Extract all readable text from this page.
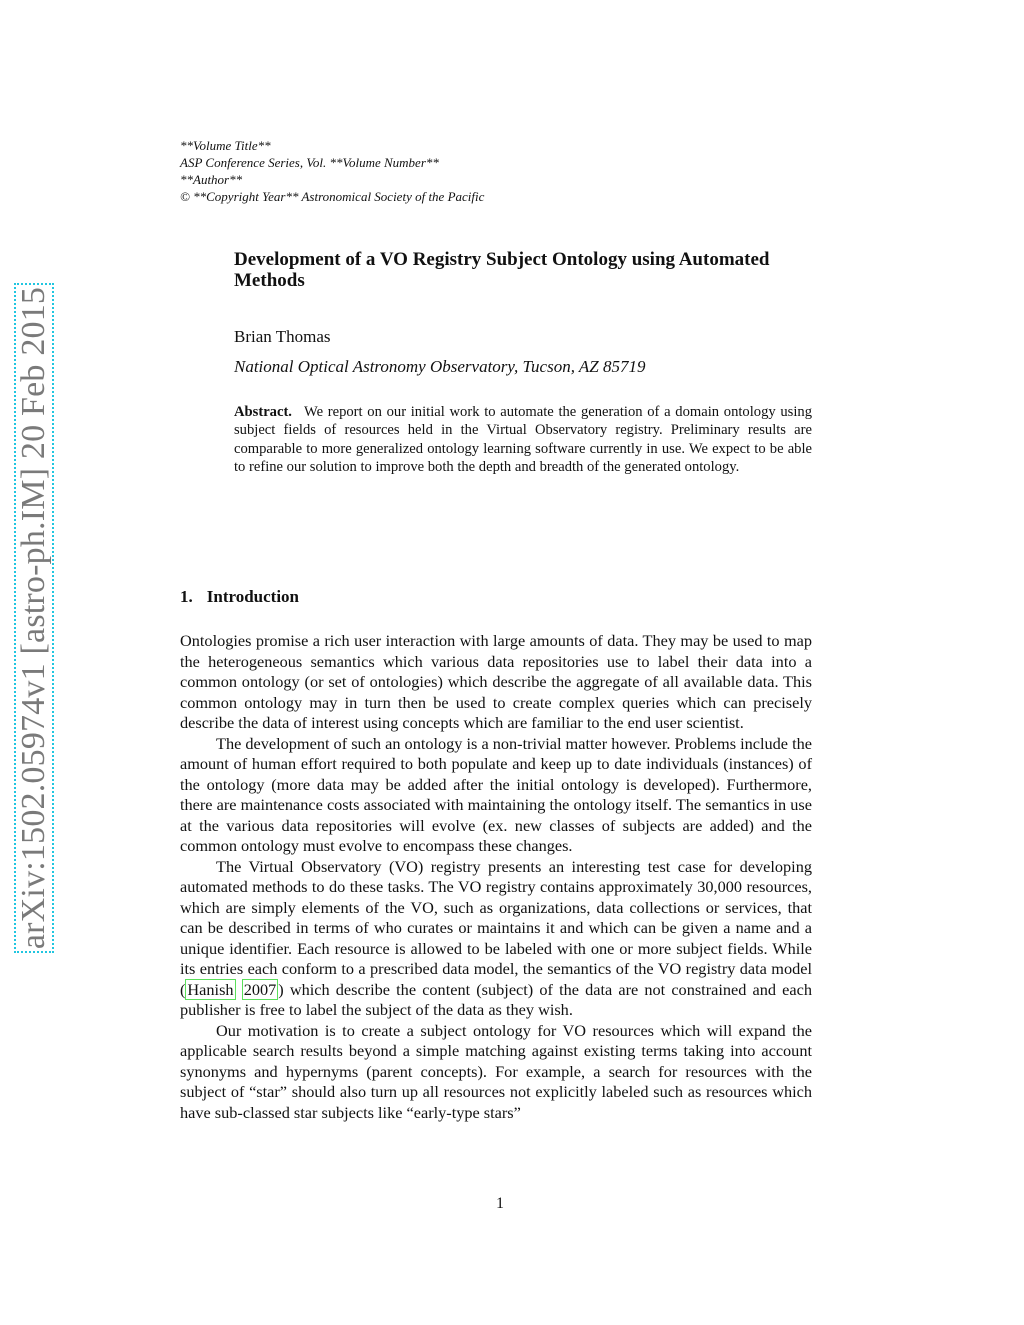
**Volume Title**
ASP Conference Series, Vol. **Volume Number**
**Author**
© **Copyright Year** Astronomical Society of the Pacific
arXiv:1502.05974v1 [astro-ph.IM] 20 Feb 2015
Development of a VO Registry Subject Ontology using Automated Methods
Brian Thomas
National Optical Astronomy Observatory, Tucson, AZ 85719
Abstract. We report on our initial work to automate the generation of a domain ontology using subject fields of resources held in the Virtual Observatory registry. Preliminary results are comparable to more generalized ontology learning software currently in use. We expect to be able to refine our solution to improve both the depth and breadth of the generated ontology.
1. Introduction

Ontologies promise a rich user interaction with large amounts of data. They may be used to map the heterogeneous semantics which various data repositories use to label their data into a common ontology (or set of ontologies) which describe the aggregate of all available data. This common ontology may in turn then be used to create complex queries which can precisely describe the data of interest using concepts which are familiar to the end user scientist.

The development of such an ontology is a non-trivial matter however. Problems include the amount of human effort required to both populate and keep up to date individuals (instances) of the ontology (more data may be added after the initial ontology is developed). Furthermore, there are maintenance costs associated with maintaining the ontology itself. The semantics in use at the various data repositories will evolve (ex. new classes of subjects are added) and the common ontology must evolve to encompass these changes.

The Virtual Observatory (VO) registry presents an interesting test case for developing automated methods to do these tasks. The VO registry contains approximately 30,000 resources, which are simply elements of the VO, such as organizations, data collections or services, that can be described in terms of who curates or maintains it and which can be given a name and a unique identifier. Each resource is allowed to be labeled with one or more subject fields. While its entries each conform to a prescribed data model, the semantics of the VO registry data model ( Hanish 2007 ) which describe the content (subject) of the data are not constrained and each publisher is free to label the subject of the data as they wish.

Our motivation is to create a subject ontology for VO resources which will expand the applicable search results beyond a simple matching against existing terms taking into account synonyms and hypernyms (parent concepts). For example, a search for resources with the subject of “star” should also turn up all resources not explicitly labeled such as resources which have sub-classed star subjects like “early-type stars”

1
